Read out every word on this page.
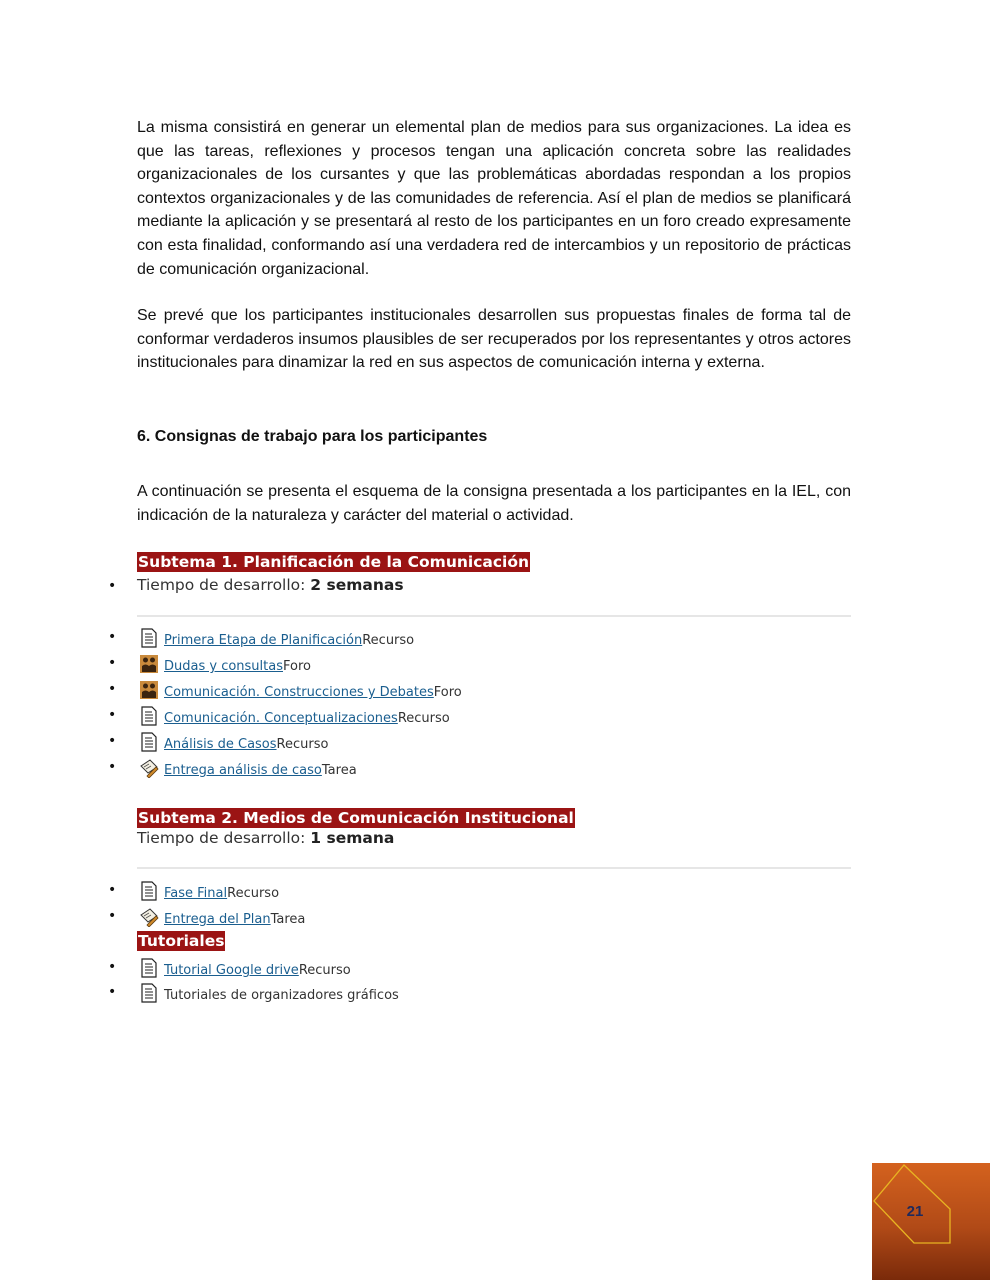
La misma consistirá en generar un elemental plan de medios para sus organizaciones. La idea es que las tareas, reflexiones y procesos tengan una aplicación concreta sobre las realidades organizacionales de los cursantes y que las problemáticas abordadas respondan a los propios contextos organizacionales y de las comunidades de referencia. Así el plan de medios se planificará mediante la aplicación y se presentará al resto de los participantes en un foro creado expresamente con esta finalidad, conformando así una verdadera red de intercambios y un repositorio de prácticas de comunicación organizacional.
Se prevé que los participantes institucionales desarrollen sus propuestas finales de forma tal de conformar verdaderos insumos plausibles de ser recuperados por los representantes y otros actores institucionales para dinamizar la red en sus aspectos de comunicación interna y externa.
6. Consignas de trabajo para los participantes
A continuación se presenta el esquema de la consigna presentada a los participantes en la IEL, con indicación de la naturaleza y carácter del material o actividad.
Subtema 1. Planificación de la Comunicación
• Tiempo de desarrollo: 2 semanas
•	Primera Etapa de Planificación Recurso
•	Dudas y consultas Foro
•	Comunicación. Construcciones y Debates Foro
•	Comunicación. Conceptualizaciones Recurso
•	Análisis de Casos Recurso
•	Entrega análisis de caso Tarea
Subtema 2. Medios de Comunicación Institucional
Tiempo de desarrollo: 1 semana
•	Fase Final Recurso
•	Entrega del Plan Tarea
Tutoriales
•	Tutorial Google drive Recurso
•	Tutoriales de organizadores gráficos
21
